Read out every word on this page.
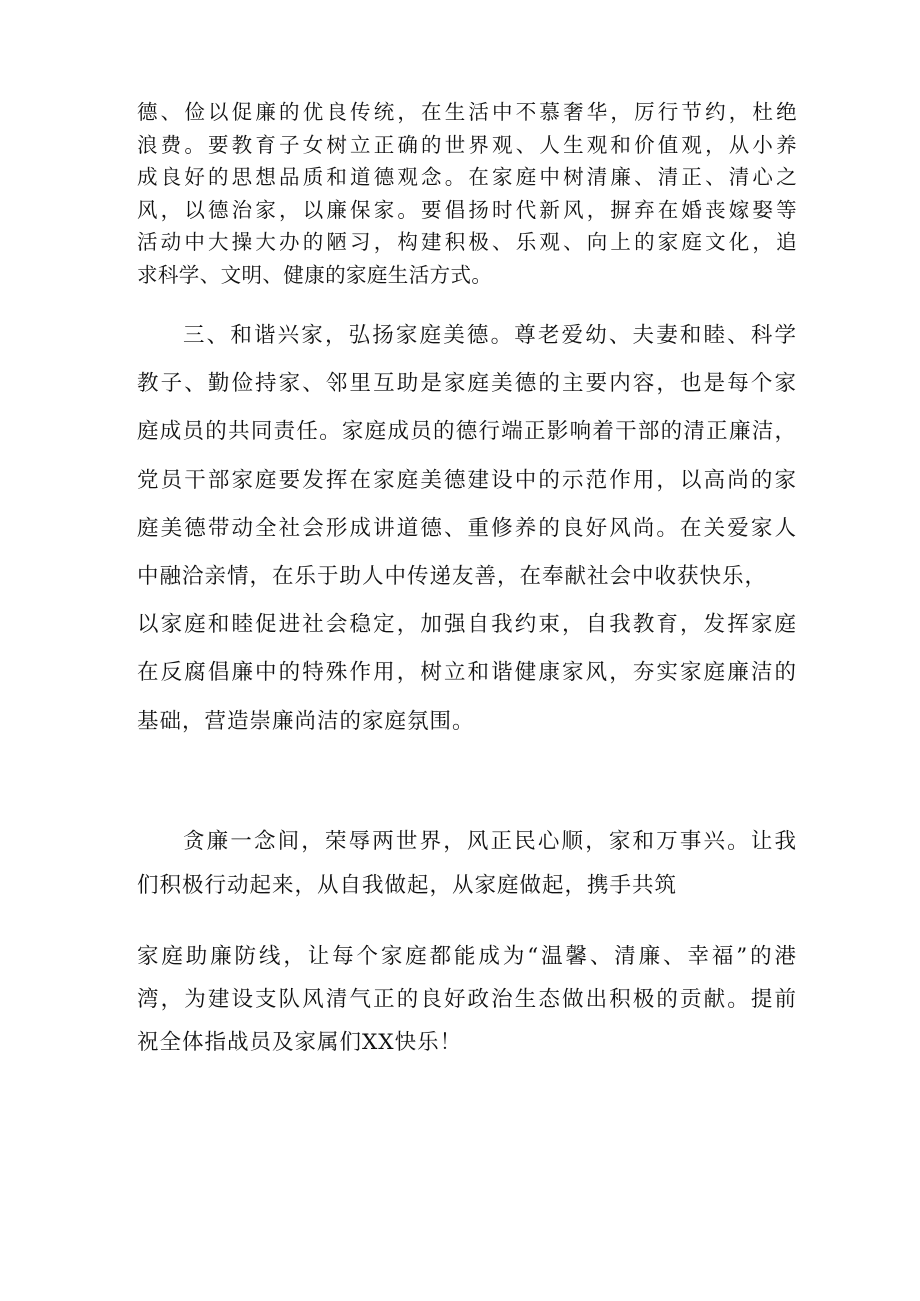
德、俭以促廉的优良传统，在生活中不慕奢华，厉行节约，杜绝
浪费。要教育子女树立正确的世界观、人生观和价值观，从小养
成良好的思想品质和道德观念。在家庭中树清廉、清正、清心之
风，以德治家，以廉保家。要倡扬时代新风，摒弃在婚丧嫁娶等
活动中大操大办的陋习，构建积极、乐观、向上的家庭文化，追
求科学、文明、健康的家庭生活方式。
三、和谐兴家，弘扬家庭美德。尊老爱幼、夫妻和睦、科学
教子、勤俭持家、邻里互助是家庭美德的主要内容，也是每个家
庭成员的共同责任。家庭成员的德行端正影响着干部的清正廉洁，
党员干部家庭要发挥在家庭美德建设中的示范作用，以高尚的家
庭美德带动全社会形成讲道德、重修养的良好风尚。在关爱家人
中融洽亲情，在乐于助人中传递友善，在奉献社会中收获快乐，
以家庭和睦促进社会稳定，加强自我约束，自我教育，发挥家庭
在反腐倡廉中的特殊作用，树立和谐健康家风，夯实家庭廉洁的
基础，营造崇廉尚洁的家庭氛围。
贪廉一念间，荣辱两世界，风正民心顺，家和万事兴。让我
们积极行动起来，从自我做起，从家庭做起，携手共筑
家庭助廉防线，让每个家庭都能成为“温馨、清廉、幸福”的港
湾，为建设支队风清气正的良好政治生态做出积极的贡献。提前
祝全体指战员及家属们XX快乐！
